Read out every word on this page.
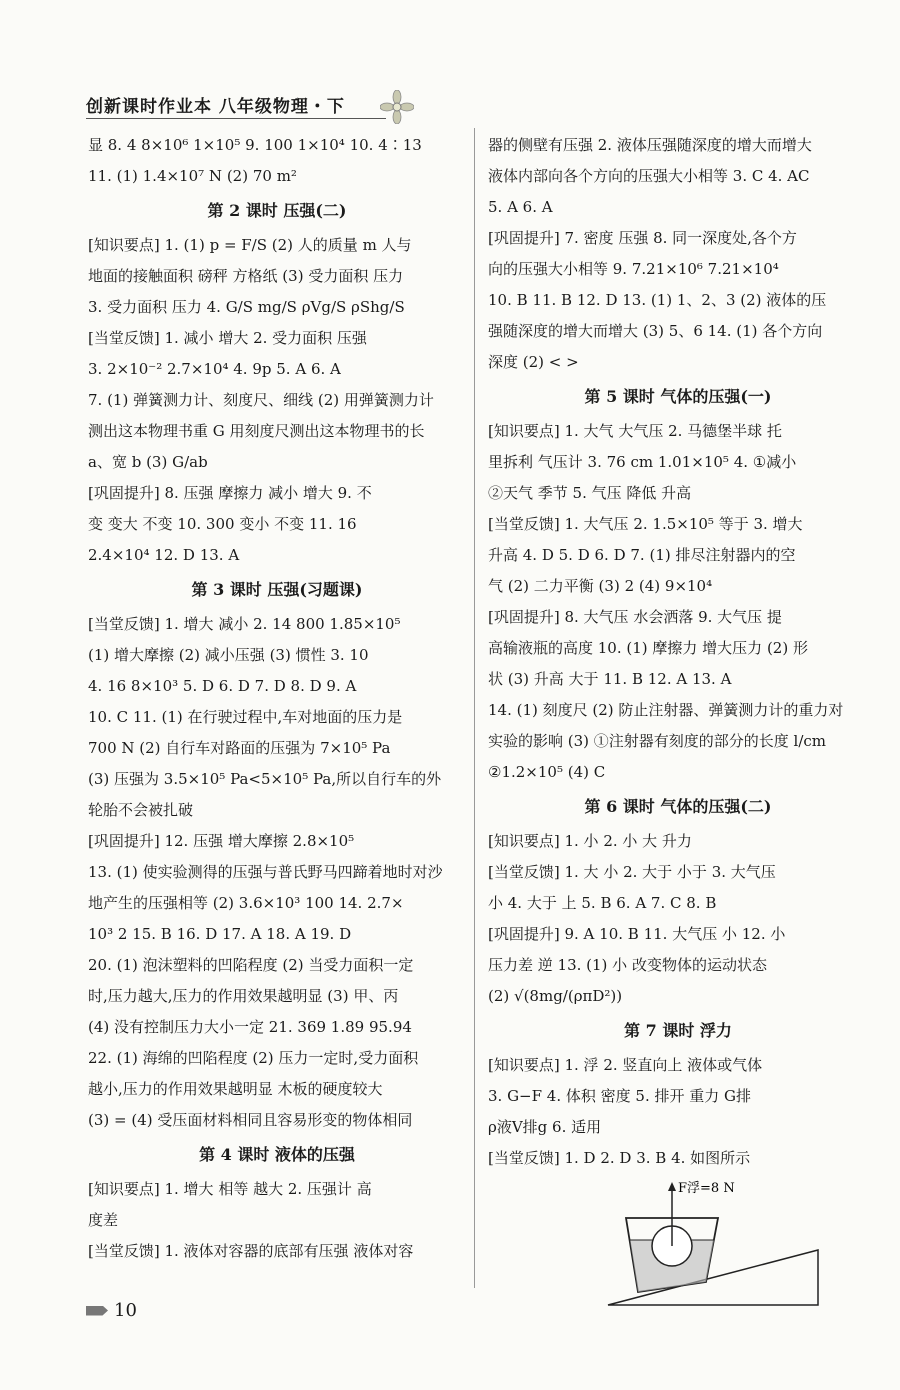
创新课时作业本 八年级物理・下
显 8. 4 8×10⁶ 1×10⁵ 9. 100 1×10⁴ 10. 4∶13
11. (1) 1.4×10⁷ N (2) 70 m²
第 2 课时 压强(二)
[知识要点] 1. (1) p = F/S (2) 人的质量 m 人与
地面的接触面积 磅秤 方格纸 (3) 受力面积 压力
3. 受力面积 压力 4. G/S mg/S ρVg/S ρShg/S
[当堂反馈] 1. 减小 增大 2. 受力面积 压强
3. 2×10⁻² 2.7×10⁴ 4. 9p 5. A 6. A
7. (1) 弹簧测力计、刻度尺、细线 (2) 用弹簧测力计
测出这本物理书重 G 用刻度尺测出这本物理书的长
a、宽 b (3) G/ab
[巩固提升] 8. 压强 摩擦力 减小 增大 9. 不
变 变大 不变 10. 300 变小 不变 11. 16
2.4×10⁴ 12. D 13. A
第 3 课时 压强(习题课)
[当堂反馈] 1. 增大 减小 2. 14 800 1.85×10⁵
(1) 增大摩擦 (2) 减小压强 (3) 惯性 3. 10
4. 16 8×10³ 5. D 6. D 7. D 8. D 9. A
10. C 11. (1) 在行驶过程中,车对地面的压力是
700 N (2) 自行车对路面的压强为 7×10⁵ Pa
(3) 压强为 3.5×10⁵ Pa<5×10⁵ Pa,所以自行车的外
轮胎不会被扎破
[巩固提升] 12. 压强 增大摩擦 2.8×10⁵
13. (1) 使实验测得的压强与普氏野马四蹄着地时对沙
地产生的压强相等 (2) 3.6×10³ 100 14. 2.7×
10³ 2 15. B 16. D 17. A 18. A 19. D
20. (1) 泡沫塑料的凹陷程度 (2) 当受力面积一定
时,压力越大,压力的作用效果越明显 (3) 甲、丙
(4) 没有控制压力大小一定 21. 369 1.89 95.94
22. (1) 海绵的凹陷程度 (2) 压力一定时,受力面积
越小,压力的作用效果越明显 木板的硬度较大
(3) = (4) 受压面材料相同且容易形变的物体相同
第 4 课时 液体的压强
[知识要点] 1. 增大 相等 越大 2. 压强计 高
度差
[当堂反馈] 1. 液体对容器的底部有压强 液体对容
器的侧壁有压强 2. 液体压强随深度的增大而增大
液体内部向各个方向的压强大小相等 3. C 4. AC
5. A 6. A
[巩固提升] 7. 密度 压强 8. 同一深度处,各个方
向的压强大小相等 9. 7.21×10⁶ 7.21×10⁴
10. B 11. B 12. D 13. (1) 1、2、3 (2) 液体的压
强随深度的增大而增大 (3) 5、6 14. (1) 各个方向
深度 (2) < >
第 5 课时 气体的压强(一)
[知识要点] 1. 大气 大气压 2. 马德堡半球 托
里拆利 气压计 3. 76 cm 1.01×10⁵ 4. ①减小
②天气 季节 5. 气压 降低 升高
[当堂反馈] 1. 大气压 2. 1.5×10⁵ 等于 3. 增大
升高 4. D 5. D 6. D 7. (1) 排尽注射器内的空
气 (2) 二力平衡 (3) 2 (4) 9×10⁴
[巩固提升] 8. 大气压 水会洒落 9. 大气压 提
高输液瓶的高度 10. (1) 摩擦力 增大压力 (2) 形
状 (3) 升高 大于 11. B 12. A 13. A
14. (1) 刻度尺 (2) 防止注射器、弹簧测力计的重力对
实验的影响 (3) ①注射器有刻度的部分的长度 l/cm
②1.2×10⁵ (4) C
第 6 课时 气体的压强(二)
[知识要点] 1. 小 2. 小 大 升力
[当堂反馈] 1. 大 小 2. 大于 小于 3. 大气压
小 4. 大于 上 5. B 6. A 7. C 8. B
[巩固提升] 9. A 10. B 11. 大气压 小 12. 小
压力差 逆 13. (1) 小 改变物体的运动状态
(2) √(8mg/(ρπD²))
第 7 课时 浮力
[知识要点] 1. 浮 2. 竖直向上 液体或气体
3. G−F 4. 体积 密度 5. 排开 重力 G排
ρ液V排g 6. 适用
[当堂反馈] 1. D 2. D 3. B 4. 如图所示
F浮=8 N
10
